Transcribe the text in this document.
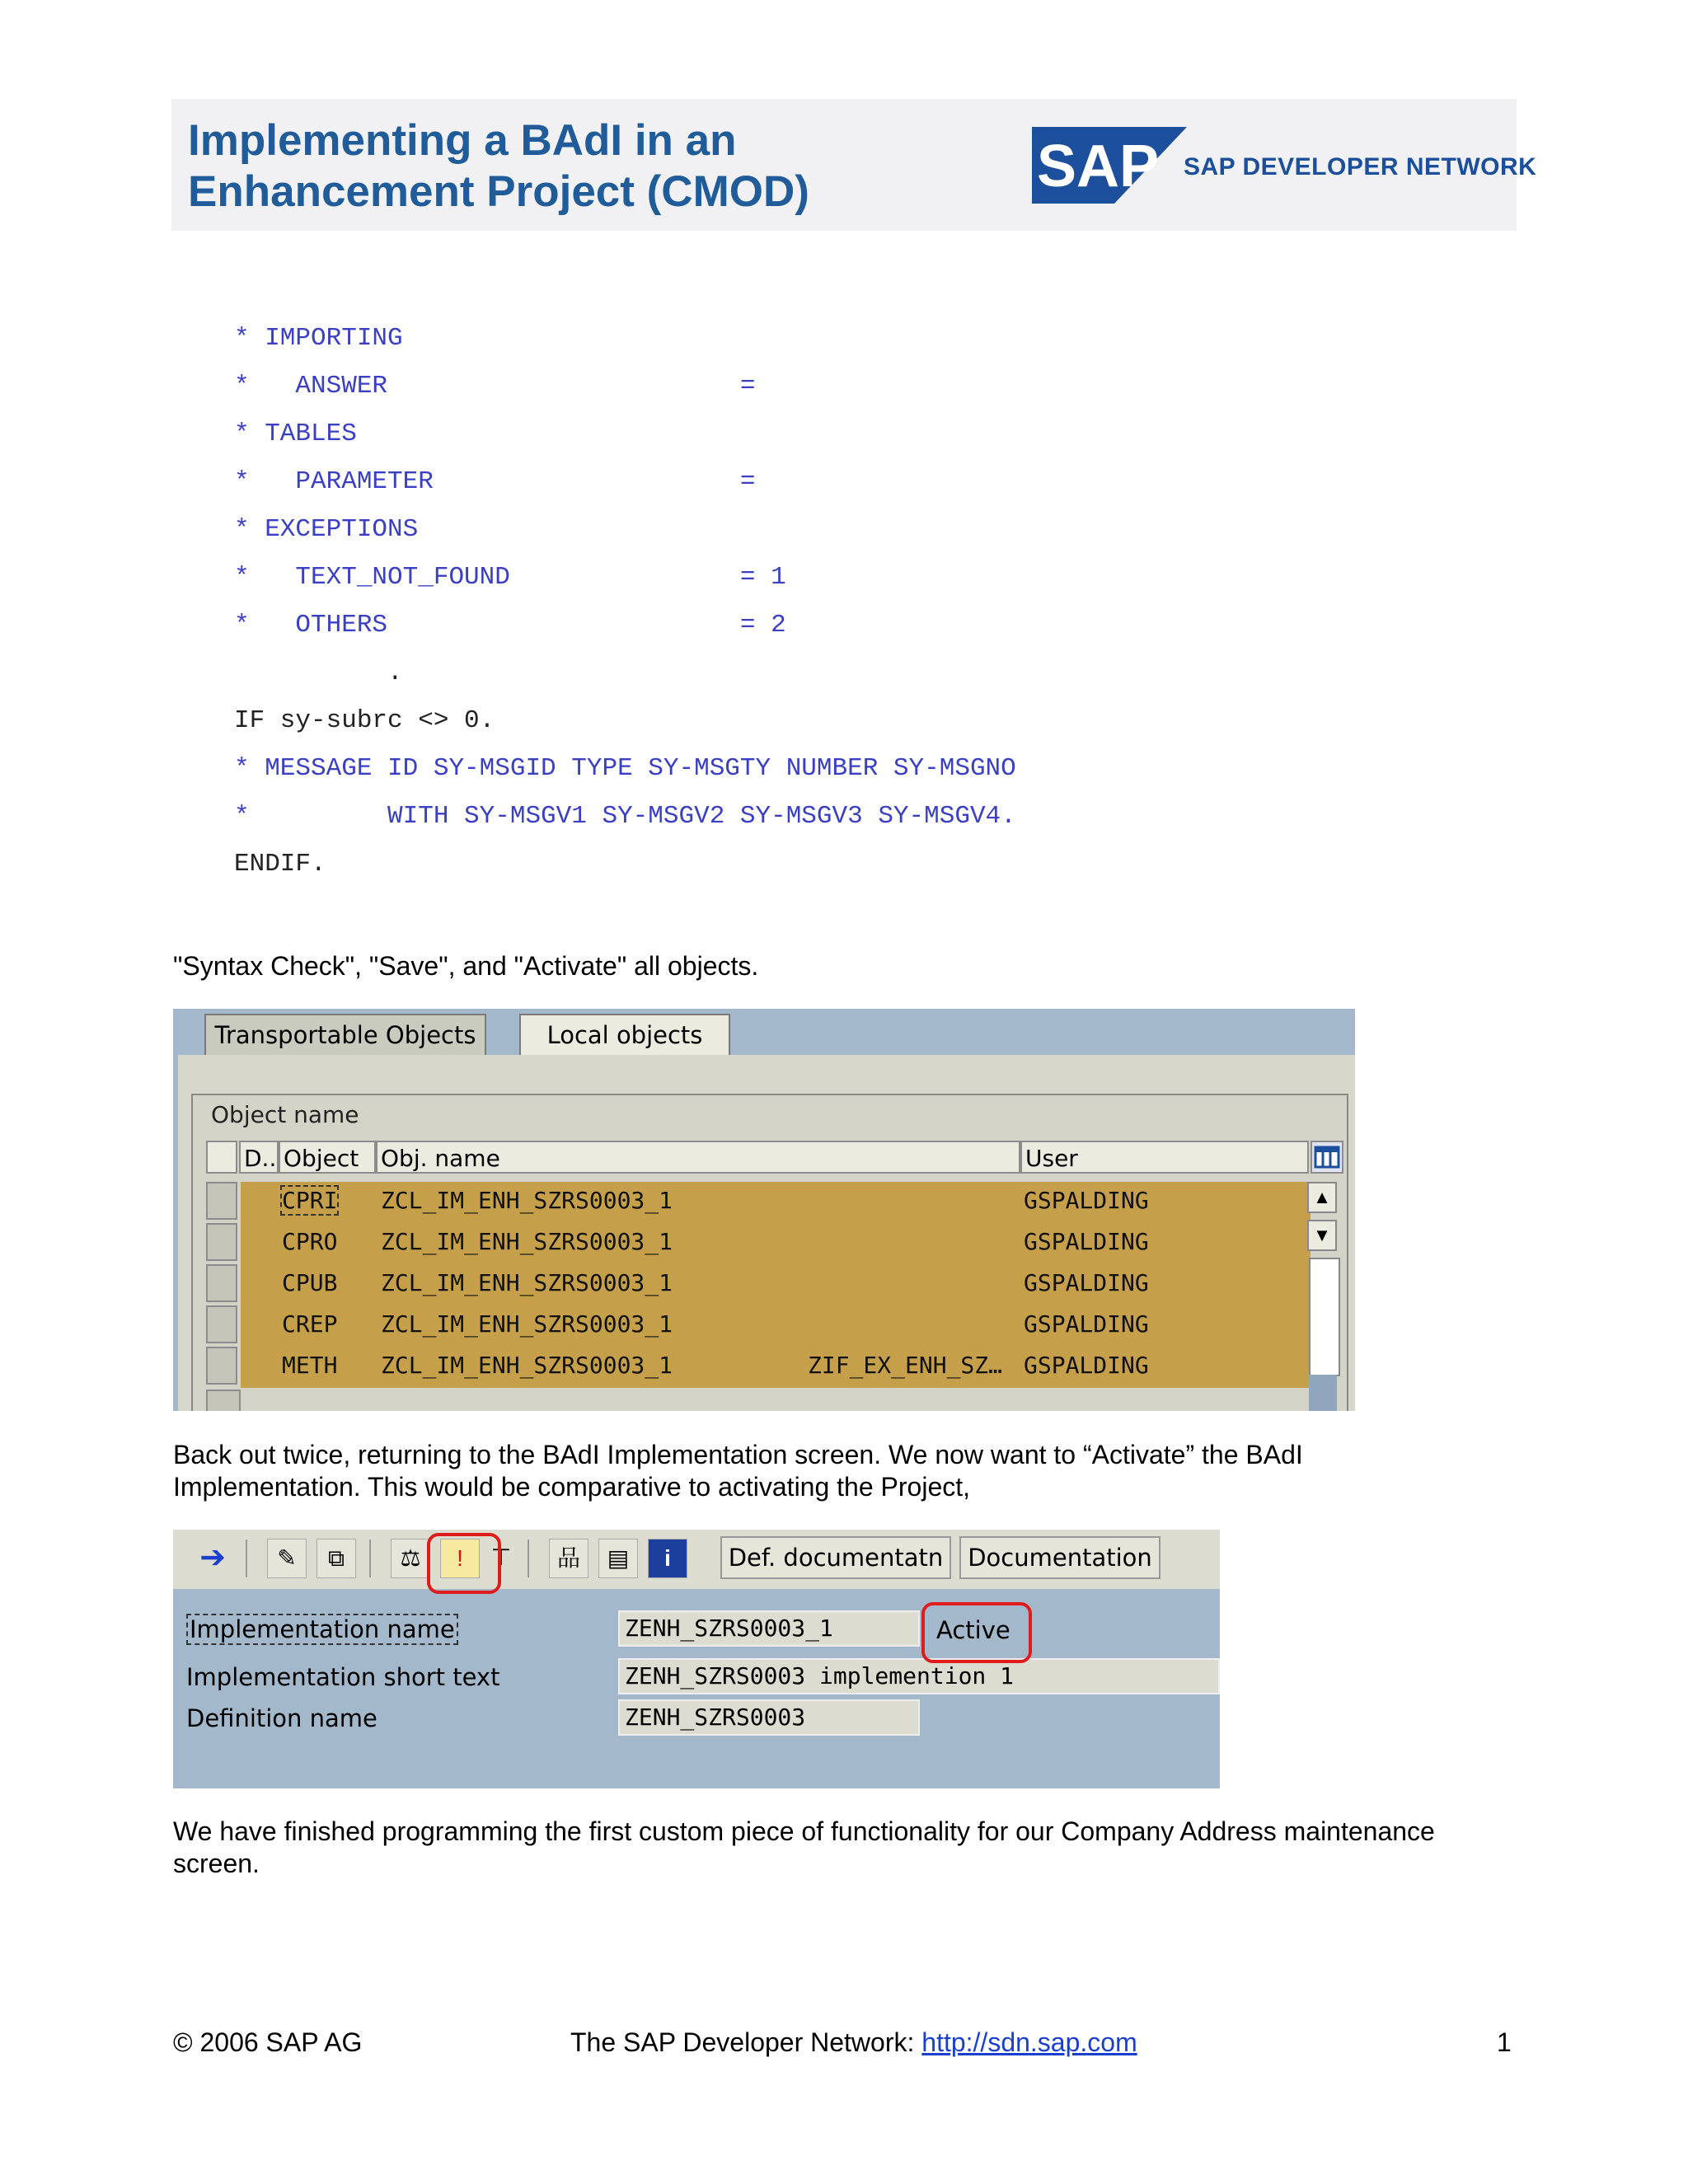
Implementing a BAdI in an
Enhancement Project (CMOD)	SAP SAP DEVELOPER NETWORK
* IMPORTING
*   ANSWER                       =
* TABLES
*   PARAMETER                    =
* EXCEPTIONS
*   TEXT_NOT_FOUND               = 1
*   OTHERS                       = 2
.
IF sy-subrc <> 0.
* MESSAGE ID SY-MSGID TYPE SY-MSGTY NUMBER SY-MSGNO
*         WITH SY-MSGV1 SY-MSGV2 SY-MSGV3 SY-MSGV4.
ENDIF.
"Syntax Check", "Save", and "Activate" all objects.
Transportable Objects	Local objects
Object name
D.. Object Obj. name	User
CPRI ZCL_IM_ENH_SZRS0003_1	GSPALDING
CPRO ZCL_IM_ENH_SZRS0003_1	GSPALDING
CPUB ZCL_IM_ENH_SZRS0003_1	GSPALDING
CREP ZCL_IM_ENH_SZRS0003_1	GSPALDING
METH ZCL_IM_ENH_SZRS0003_1	ZIF_EX_ENH_SZ… GSPALDING
▲
▼
Back out twice, returning to the BAdI Implementation screen. We now want to “Activate” the BAdI
Implementation. This would be comparative to activating the Project,
➔	✎	⧉	⚖	!	⊤	品	▤	i	Def. documentatn	Documentation
Implementation name	ZENH_SZRS0003_1	Active
Implementation short text	ZENH_SZRS0003 implemention 1
Definition name	ZENH_SZRS0003
We have finished programming the first custom piece of functionality for our Company Address maintenance
screen.
© 2006 SAP AG	The SAP Developer Network: http://sdn.sap.com	1
